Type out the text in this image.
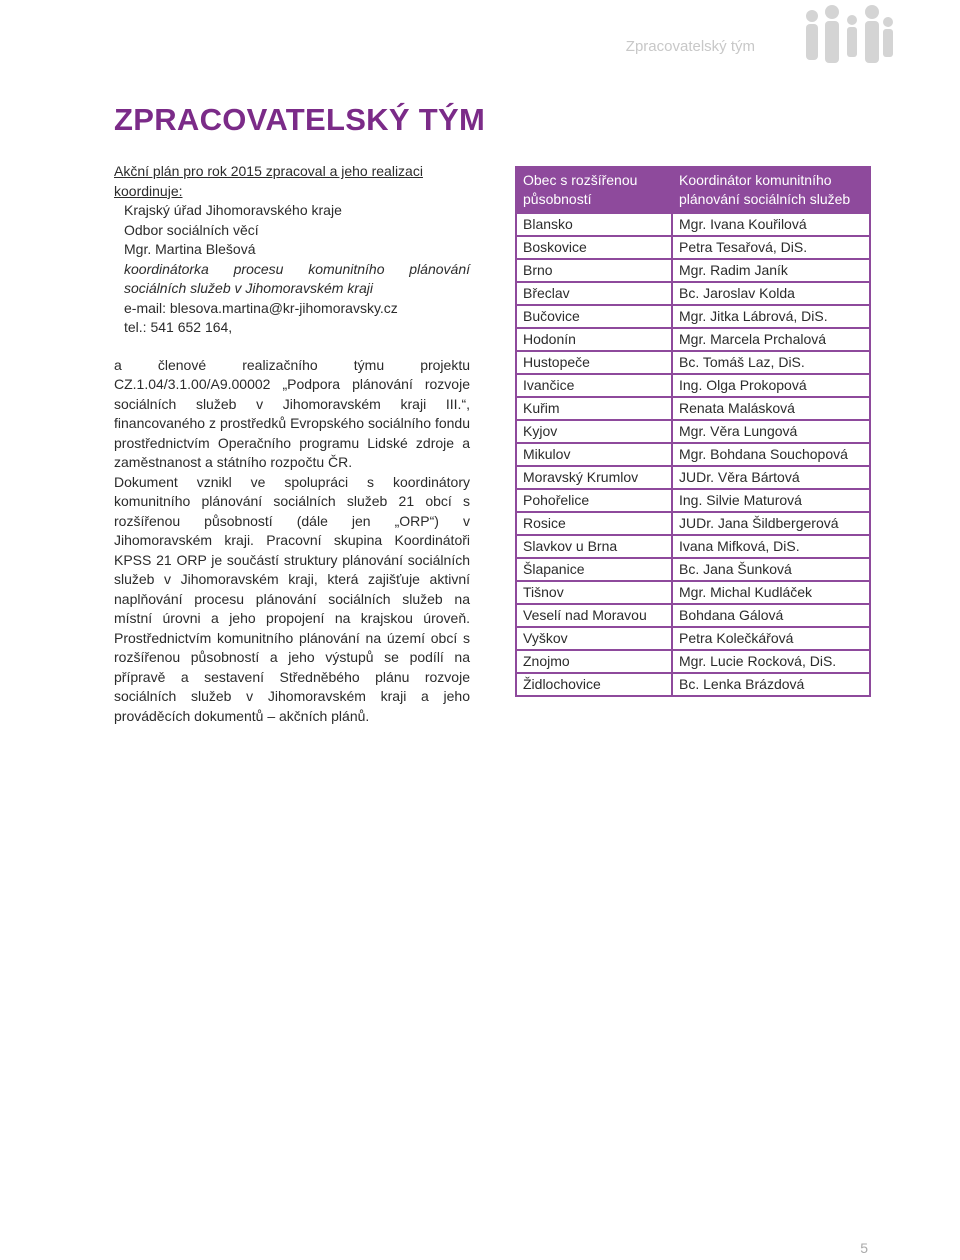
Zpracovatelský tým
ZPRACOVATELSKÝ TÝM

Akční plán pro rok 2015 zpracoval a jeho realizaci koordinuje:

Krajský úřad Jihomoravského kraje
Odbor sociálních věcí
Mgr. Martina Blešová
koordinátorka procesu komunitního plánování sociálních služeb v Jihomoravském kraji
e-mail: blesova.martina@kr-jihomoravsky.cz
tel.: 541 652 164,

a členové realizačního týmu projektu CZ.1.04/3.1.00/A9.00002 „Podpora plánování rozvoje sociálních služeb v Jihomoravském kraji III.“, financovaného z prostředků Evropského sociálního fondu prostřednictvím Operačního programu Lidské zdroje a zaměstnanost a státního rozpočtu ČR.

Dokument vznikl ve spolupráci s koordinátory komunitního plánování sociálních služeb 21 obcí s rozšířenou působností (dále jen „ORP“) v Jihomoravském kraji. Pracovní skupina Koordinátoři KPSS 21 ORP je součástí struktury plánování sociálních služeb v Jihomoravském kraji, která zajišťuje aktivní naplňování procesu plánování sociálních služeb na místní úrovni a jeho propojení na krajskou úroveň. Prostřednictvím komunitního plánování na území obcí s rozšířenou působností a jeho výstupů se podílí na přípravě a sestavení Středněbého plánu rozvoje sociálních služeb v Jihomoravském kraji a jeho prováděcích dokumentů – akčních plánů.

Obec s rozšířenou působností	Koordinátor komunitního plánování sociálních služeb
Blansko	Mgr. Ivana Kouřilová
Boskovice	Petra Tesařová, DiS.
Brno	Mgr. Radim Janík
Břeclav	Bc. Jaroslav Kolda
Bučovice	Mgr. Jitka Lábrová, DiS.
Hodonín	Mgr. Marcela Prchalová
Hustopeče	Bc. Tomáš Laz, DiS.
Ivančice	Ing. Olga Prokopová
Kuřim	Renata Malásková
Kyjov	Mgr. Věra Lungová
Mikulov	Mgr. Bohdana Souchopová
Moravský Krumlov	JUDr. Věra Bártová
Pohořelice	Ing. Silvie Maturová
Rosice	JUDr. Jana Šildbergerová
Slavkov u Brna	Ivana Mifková, DiS.
Šlapanice	Bc. Jana Šunková
Tišnov	Mgr. Michal Kudláček
Veselí nad Moravou	Bohdana Gálová
Vyškov	Petra Kolečkářová
Znojmo	Mgr. Lucie Rocková, DiS.
Židlochovice	Bc. Lenka Brázdová
5
